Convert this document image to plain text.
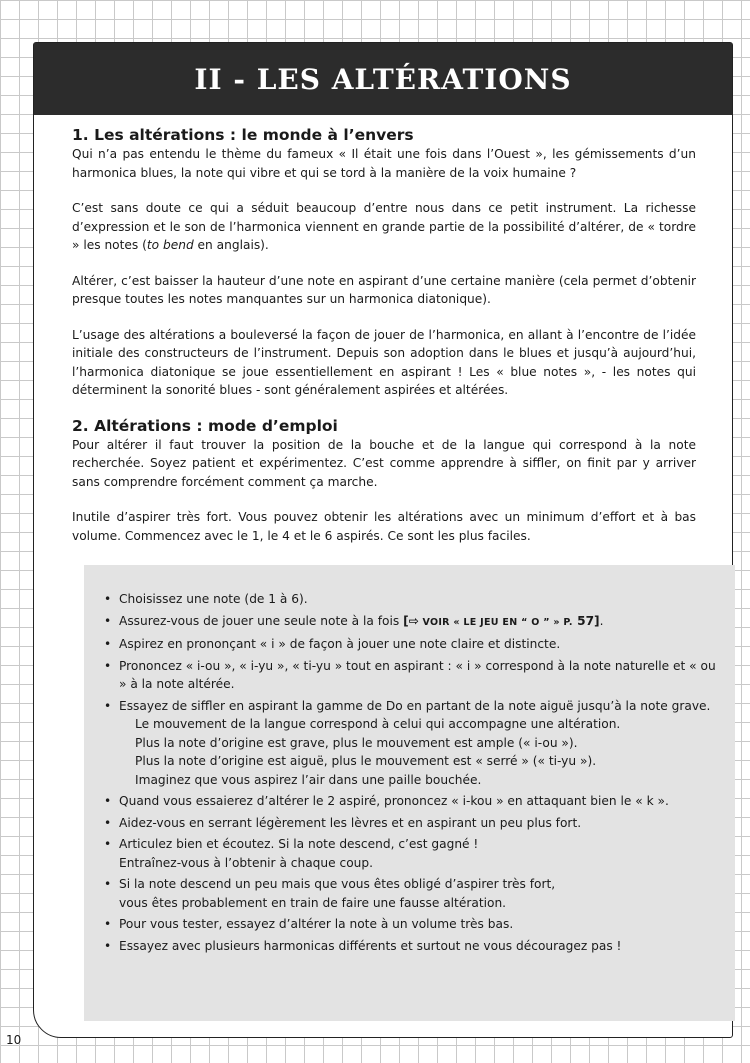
II - LES ALTÉRATIONS
1. Les altérations : le monde à l’envers

Qui n’a pas entendu le thème du fameux « Il était une fois dans l’Ouest », les gémissements d’un harmonica blues, la note qui vibre et qui se tord à la manière de la voix humaine ?

C’est sans doute ce qui a séduit beaucoup d’entre nous dans ce petit instrument. La richesse d’expression et le son de l’harmonica viennent en grande partie de la possibilité d’altérer, de « tordre » les notes (to bend en anglais).

Altérer, c’est baisser la hauteur d’une note en aspirant d’une certaine manière (cela permet d’obtenir presque toutes les notes manquantes sur un harmonica diatonique).

L’usage des altérations a bouleversé la façon de jouer de l’harmonica, en allant à l’encontre de l’idée initiale des constructeurs de l’instrument. Depuis son adoption dans le blues et jusqu’à aujourd’hui, l’harmonica diatonique se joue essentiellement en aspirant ! Les « blue notes », - les notes qui déterminent la sonorité blues - sont généralement aspirées et altérées.

2. Altérations : mode d’emploi

Pour altérer il faut trouver la position de la bouche et de la langue qui correspond à la note recherchée. Soyez patient et expérimentez. C’est comme apprendre à siffler, on finit par y arriver sans comprendre forcément comment ça marche.

Inutile d’aspirer très fort. Vous pouvez obtenir les altérations avec un minimum d’effort et à bas volume. Commencez avec le 1, le 4 et le 6 aspirés. Ce sont les plus faciles.

• Choisissez une note (de 1 à 6).
• Assurez-vous de jouer une seule note à la fois [⇨ VOIR « LE JEU EN “ O ” » P. 57].
• Aspirez en prononçant « i » de façon à jouer une note claire et distincte.
• Prononcez « i-ou », « i-yu », « ti-yu » tout en aspirant : « i » correspond à la note naturelle et « ou » à la note altérée.
• Essayez de siffler en aspirant la gamme de Do en partant de la note aiguë jusqu’à la note grave.
Le mouvement de la langue correspond à celui qui accompagne une altération.
Plus la note d’origine est grave, plus le mouvement est ample (« i-ou »).
Plus la note d’origine est aiguë, plus le mouvement est « serré » (« ti-yu »).
Imaginez que vous aspirez l’air dans une paille bouchée.
• Quand vous essaierez d’altérer le 2 aspiré, prononcez « i-kou » en attaquant bien le « k ».
• Aidez-vous en serrant légèrement les lèvres et en aspirant un peu plus fort.
• Articulez bien et écoutez. Si la note descend, c’est gagné !
Entraînez-vous à l’obtenir à chaque coup.
• Si la note descend un peu mais que vous êtes obligé d’aspirer très fort,
vous êtes probablement en train de faire une fausse altération.
• Pour vous tester, essayez d’altérer la note à un volume très bas.
• Essayez avec plusieurs harmonicas différents et surtout ne vous découragez pas !
10
